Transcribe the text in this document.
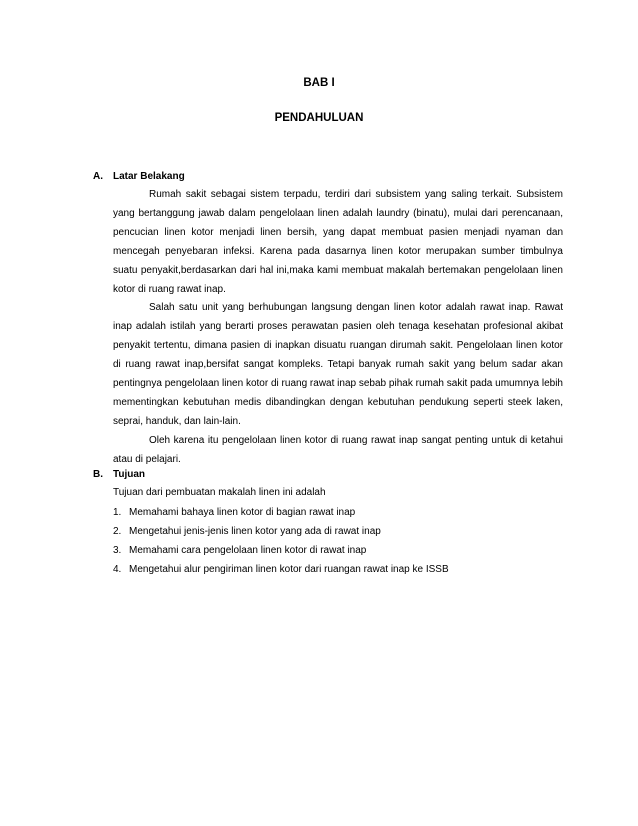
BAB I
PENDAHULUAN

A. Latar Belakang

Rumah sakit sebagai sistem terpadu, terdiri dari subsistem yang saling terkait. Subsistem yang bertanggung jawab dalam pengelolaan linen adalah laundry (binatu), mulai dari perencanaan, pencucian linen kotor menjadi linen bersih, yang dapat membuat pasien menjadi nyaman dan mencegah penyebaran infeksi. Karena pada dasarnya linen kotor merupakan sumber timbulnya suatu penyakit,berdasarkan dari hal ini,maka kami membuat makalah bertemakan pengelolaan linen kotor di ruang rawat inap.

Salah satu unit yang berhubungan langsung dengan linen kotor adalah rawat inap. Rawat inap adalah istilah yang berarti proses perawatan pasien oleh tenaga kesehatan profesional akibat penyakit tertentu, dimana pasien di inapkan disuatu ruangan dirumah sakit. Pengelolaan linen kotor di ruang rawat inap,bersifat sangat kompleks. Tetapi banyak rumah sakit yang belum sadar akan pentingnya pengelolaan linen kotor di ruang rawat inap sebab pihak rumah sakit pada umumnya lebih mementingkan kebutuhan medis dibandingkan dengan kebutuhan pendukung seperti steek laken, seprai, handuk, dan lain-lain.

Oleh karena itu pengelolaan linen kotor di ruang rawat inap sangat penting untuk di ketahui atau di pelajari.

B. Tujuan

Tujuan dari pembuatan makalah linen ini adalah

1. Memahami bahaya linen kotor di bagian rawat inap
2. Mengetahui jenis-jenis linen kotor yang ada di rawat inap
3. Memahami cara pengelolaan linen kotor di rawat inap
4. Mengetahui alur pengiriman linen kotor dari ruangan rawat inap ke ISSB
